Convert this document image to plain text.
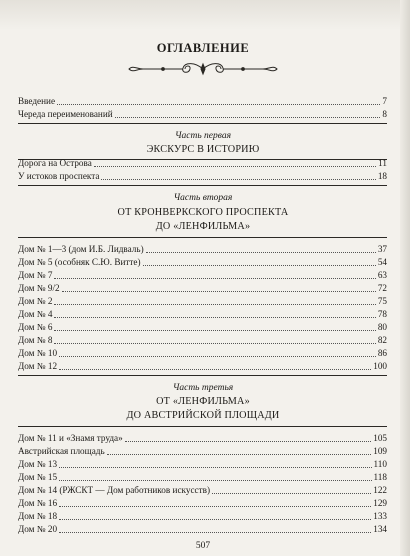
ОГЛАВЛЕНИЕ
Введение	7
Череда переименований	8
Часть первая
ЭКСКУРС В ИСТОРИЮ
Дорога на Острова	11
У истоков проспекта	18
Часть вторая
ОТ КРОНВЕРКСКОГО ПРОСПЕКТА
ДО «ЛЕНФИЛЬМА»
Дом № 1—3 (дом И.Б. Лидваль)	37
Дом № 5 (особняк С.Ю. Витте)	54
Дом № 7	63
Дом № 9/2	72
Дом № 2	75
Дом № 4	78
Дом № 6	80
Дом № 8	82
Дом № 10	86
Дом № 12	100
Часть третья
ОТ «ЛЕНФИЛЬМА»
ДО АВСТРИЙСКОЙ ПЛОЩАДИ
Дом № 11 и «Знамя труда»	105
Австрийская площадь	109
Дом № 13	110
Дом № 15	118
Дом № 14 (РЖСКТ — Дом работников искусств)	122
Дом № 16	129
Дом № 18	133
Дом № 20	134
507
